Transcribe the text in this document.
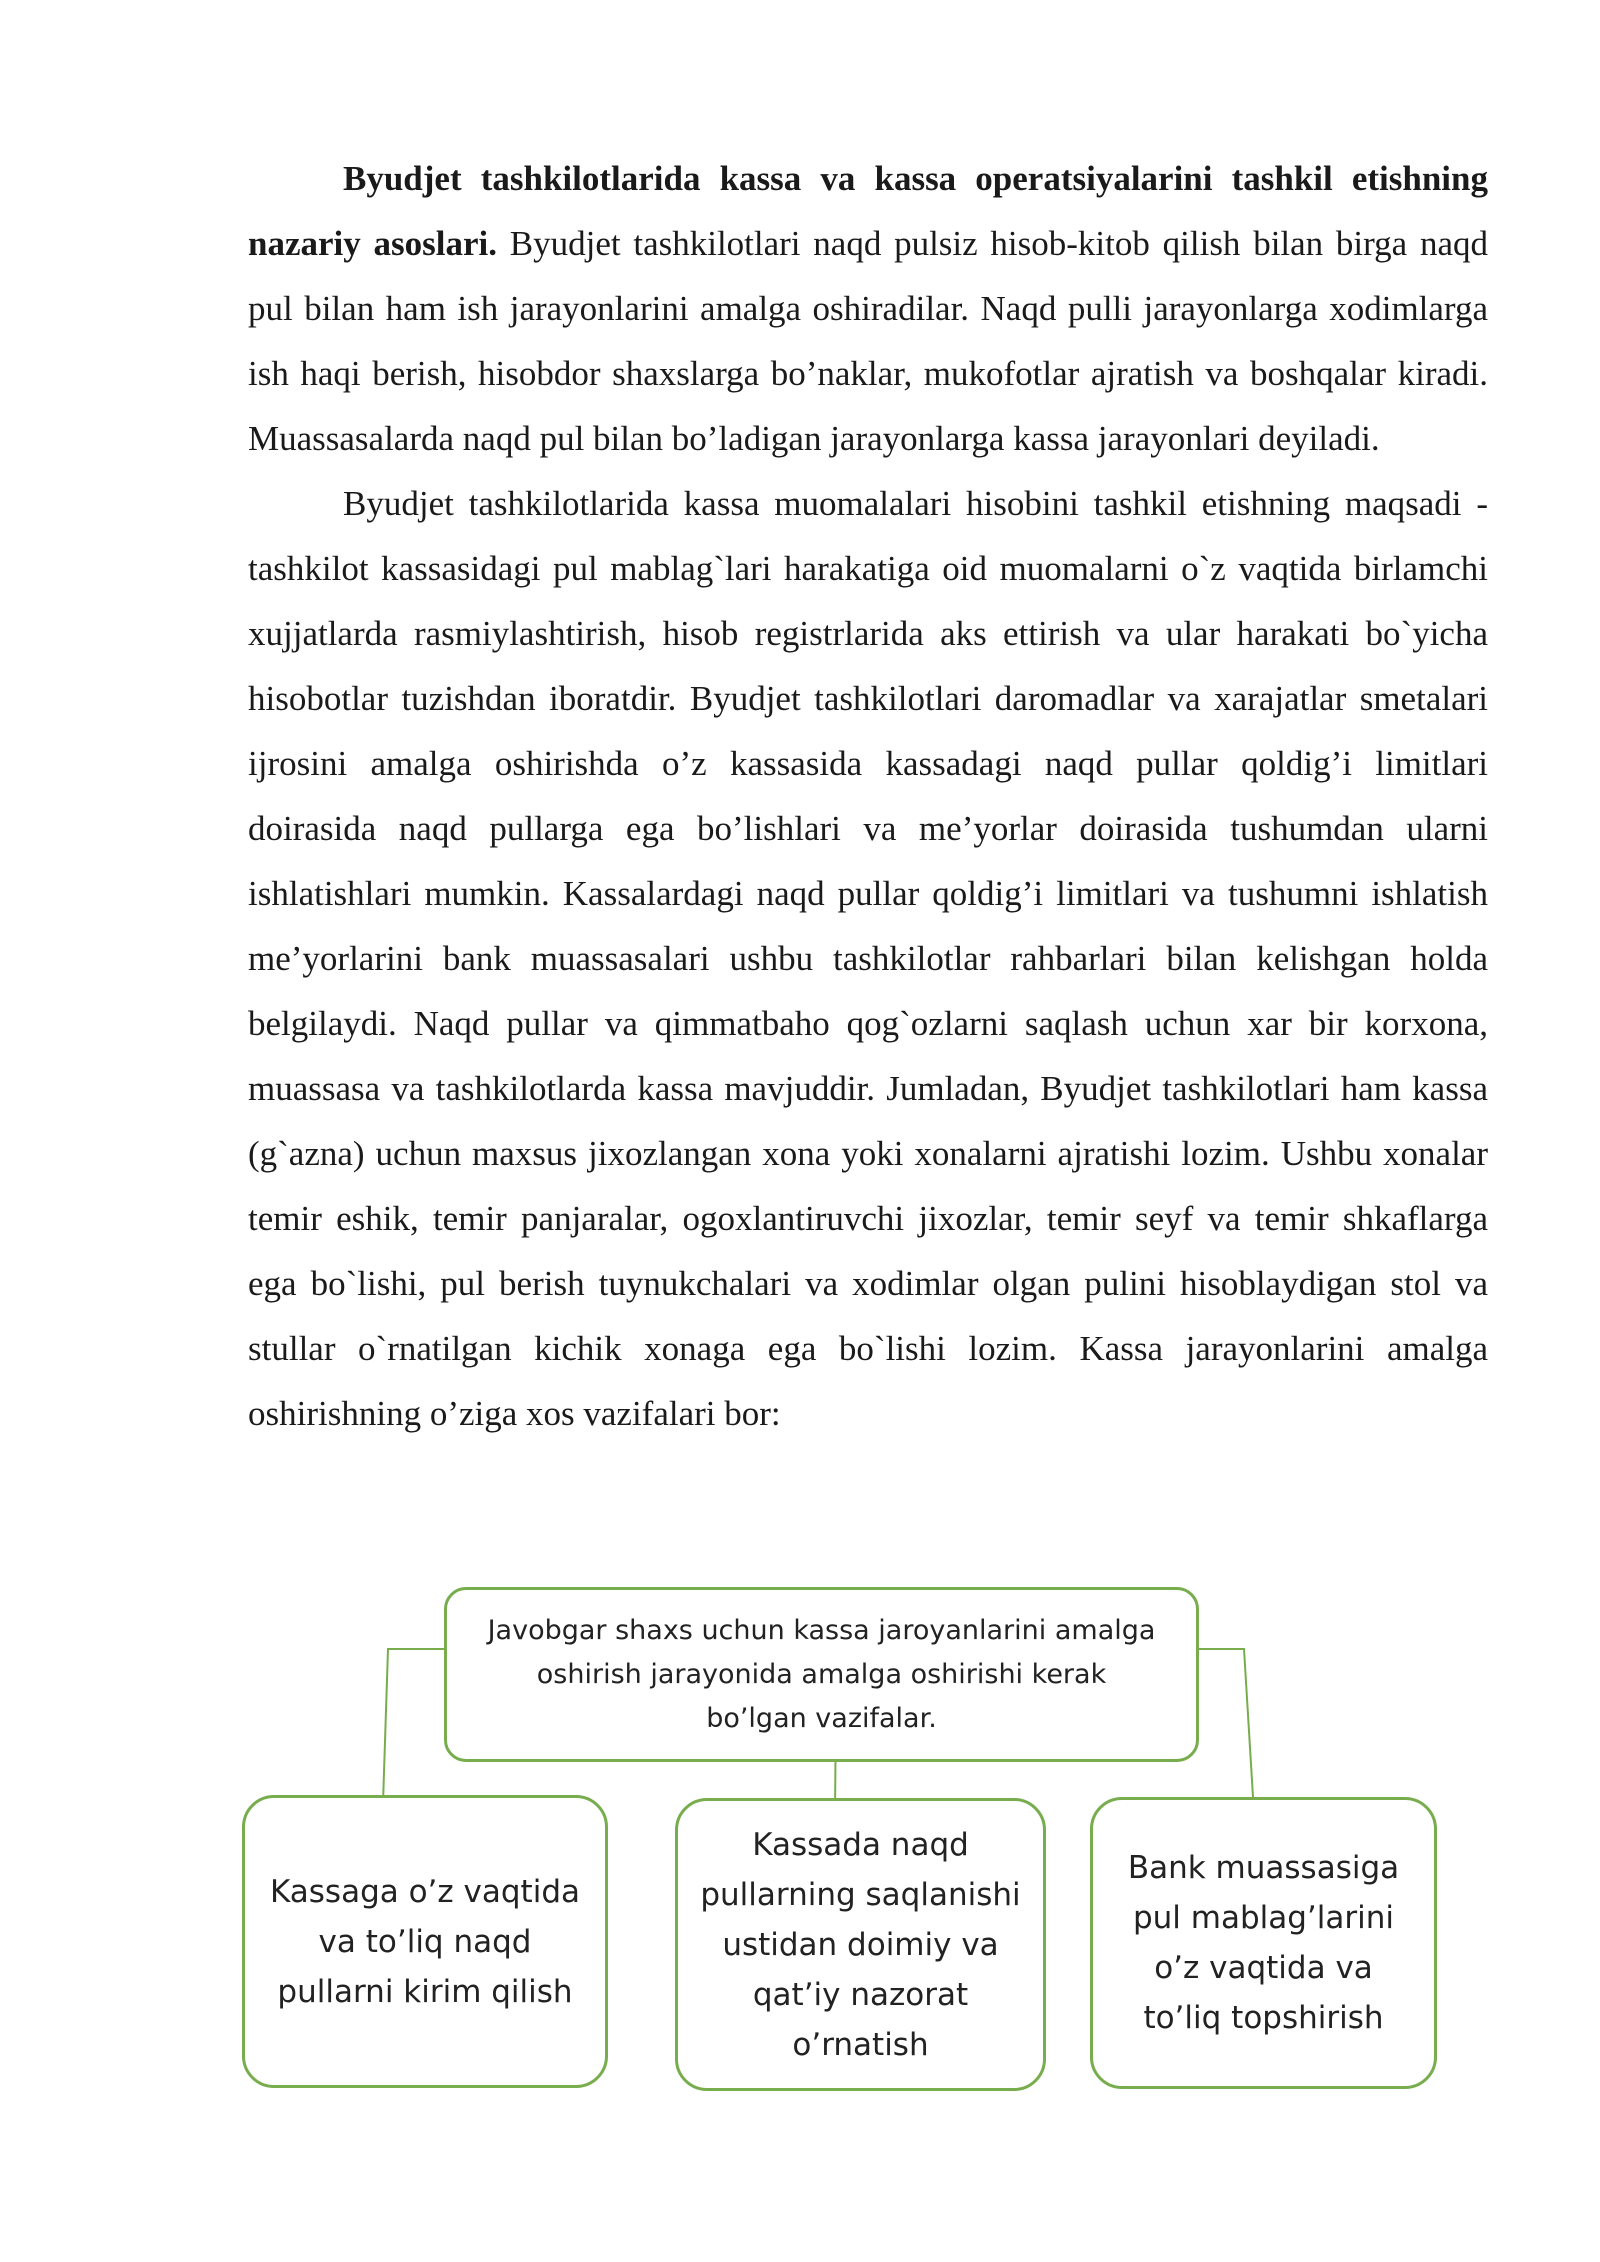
Byudjet tashkilotlarida kassa va kassa operatsiyalarini tashkil etishning nazariy asoslari. Byudjet tashkilotlari naqd pulsiz hisob-kitob qilish bilan birga naqd pul bilan ham ish jarayonlarini amalga oshiradilar. Naqd pulli jarayonlarga xodimlarga ish haqi berish, hisobdor shaxslarga bo’naklar, mukofotlar ajratish va boshqalar kiradi. Muassasalarda naqd pul bilan bo’ladigan jarayonlarga kassa jarayonlari deyiladi.

Byudjet tashkilotlarida kassa muomalalari hisobini tashkil etishning maqsadi - tashkilot kassasidagi pul mablag`lari harakatiga oid muomalarni o`z vaqtida birlamchi xujjatlarda rasmiylashtirish, hisob registrlarida aks ettirish va ular harakati bo`yicha hisobotlar tuzishdan iboratdir. Byudjet tashkilotlari daromadlar va xarajatlar smetalari ijrosini amalga oshirishda o’z kassasida kassadagi naqd pullar qoldig’i limitlari doirasida naqd pullarga ega bo’lishlari va me’yorlar doirasida tushumdan ularni ishlatishlari mumkin. Kassalardagi naqd pullar qoldig’i limitlari va tushumni ishlatish me’yorlarini bank muassasalari ushbu tashkilotlar rahbarlari bilan kelishgan holda belgilaydi. Naqd pullar va qimmatbaho qog`ozlarni saqlash uchun xar bir korxona, muassasa va tashkilotlarda kassa mavjuddir. Jumladan, Byudjet tashkilotlari ham kassa (g`azna) uchun maxsus jixozlangan xona yoki xonalarni ajratishi lozim. Ushbu xonalar temir eshik, temir panjaralar, ogoxlantiruvchi jixozlar, temir seyf va temir shkaflarga ega bo`lishi, pul berish tuynukchalari va xodimlar olgan pulini hisoblaydigan stol va stullar o`rnatilgan kichik xonaga ega bo`lishi lozim. Kassa jarayonlarini amalga oshirishning o’ziga xos vazifalari bor:

Javobgar shaxs uchun kassa jaroyanlarini amalga oshirish jarayonida amalga oshirishi kerak bo’lgan vazifalar.
Kassaga o’z vaqtida va to’liq naqd pullarni kirim qilish
Kassada naqd pullarning saqlanishi ustidan doimiy va qat’iy nazorat o’rnatish
Bank muassasiga pul mablag’larini o’z vaqtida va to’liq topshirish
